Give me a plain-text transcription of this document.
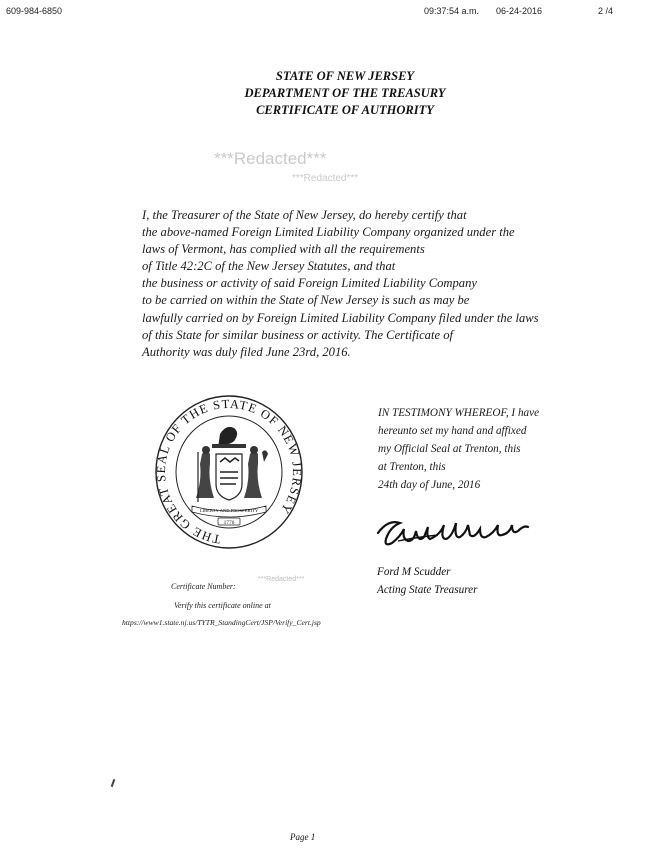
609-984-6850	09:37:54 a.m. 06-24-2016	2 /4
STATE OF NEW JERSEY
DEPARTMENT OF THE TREASURY
CERTIFICATE OF AUTHORITY
***Redacted***
***Redacted***
I, the Treasurer of the State of New Jersey, do hereby certify that
the above-named Foreign Limited Liability Company organized under the
laws of Vermont, has complied with all the requirements
of Title 42:2C of the New Jersey Statutes, and that
the business or activity of said Foreign Limited Liability Company
to be carried on within the State of New Jersey is such as may be
lawfully carried on by Foreign Limited Liability Company filed under the laws
of this State for similar business or activity. The Certificate of
Authority was duly filed June 23rd, 2016.
THE GREAT SEAL OF THE STATE OF NEW JERSEY
LIBERTY AND PROSPERITY
1776
IN TESTIMONY WHEREOF, I have
hereunto set my hand and affixed
my Official Seal at Trenton, this
at Trenton, this
24th day of June, 2016
Ford M Scudder
Acting State Treasurer
Certificate Number:
***Redacted***
Verify this certificate online at
https://www1.state.nj.us/TYTR_StandingCert/JSP/Verify_Cert.jsp
Page 1
